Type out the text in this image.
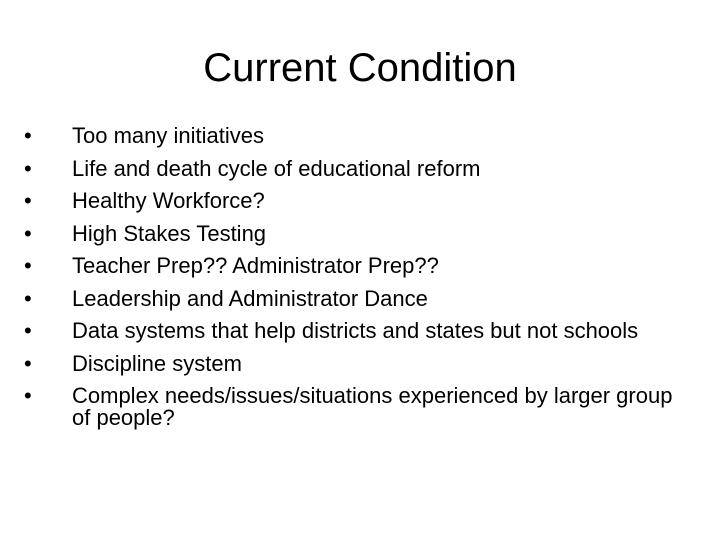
Current Condition
•	Too many initiatives
•	Life and death cycle of educational reform
•	Healthy Workforce?
•	High Stakes Testing
•	Teacher Prep?? Administrator Prep??
•	Leadership and Administrator Dance
•	Data systems that help districts and states but not schools
•	Discipline system
•	Complex needs/issues/situations experienced by larger group of people?
